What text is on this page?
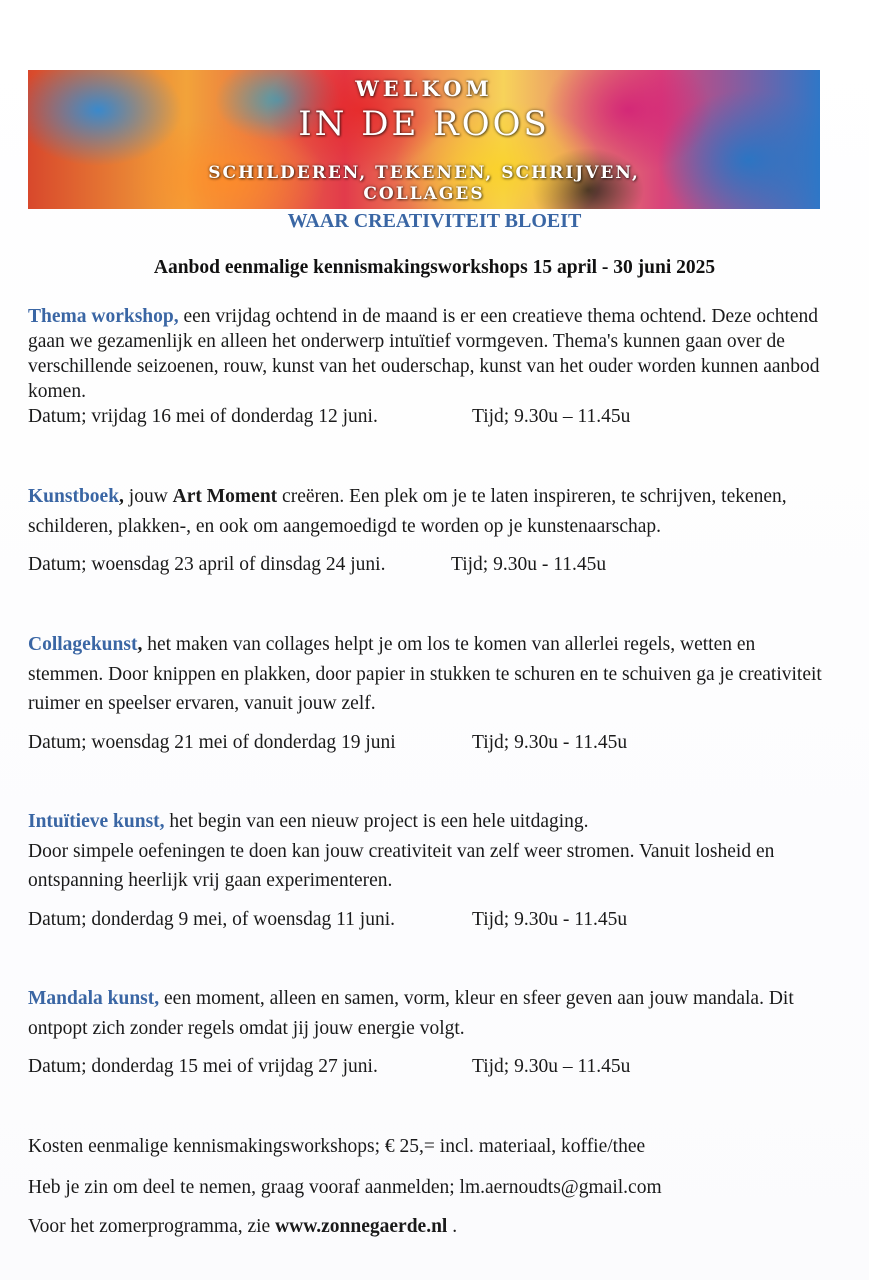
WELKOM
IN DE ROOS
SCHILDEREN, TEKENEN, SCHRIJVEN,
COLLAGES
WAAR CREATIVITEIT BLOEIT
Aanbod eenmalige kennismakingsworkshops 15 april - 30 juni 2025
Thema workshop, een vrijdag ochtend in de maand is er een creatieve thema ochtend. Deze ochtend gaan we gezamenlijk en alleen het onderwerp intuïtief vormgeven. Thema's kunnen gaan over de verschillende seizoenen, rouw, kunst van het ouderschap, kunst van het ouder worden kunnen aanbod komen.
Datum; vrijdag 16 mei of donderdag 12 juni.	Tijd; 9.30u – 11.45u
Kunstboek, jouw Art Moment creëren. Een plek om je te laten inspireren, te schrijven, tekenen, schilderen, plakken-, en ook om aangemoedigd te worden op je kunstenaarschap.
Datum; woensdag 23 april of dinsdag 24 juni.	Tijd; 9.30u - 11.45u
Collagekunst, het maken van collages helpt je om los te komen van allerlei regels, wetten en stemmen. Door knippen en plakken, door papier in stukken te schuren en te schuiven ga je creativiteit ruimer en speelser ervaren, vanuit jouw zelf.
Datum; woensdag 21 mei of donderdag 19 juni	Tijd; 9.30u - 11.45u
Intuïtieve kunst, het begin van een nieuw project is een hele uitdaging.
Door simpele oefeningen te doen kan jouw creativiteit van zelf weer stromen. Vanuit losheid en ontspanning heerlijk vrij gaan experimenteren.
Datum; donderdag 9 mei, of woensdag 11 juni.	Tijd; 9.30u - 11.45u
Mandala kunst, een moment, alleen en samen, vorm, kleur en sfeer geven aan jouw mandala. Dit ontpopt zich zonder regels omdat jij jouw energie volgt.
Datum; donderdag 15 mei of vrijdag 27 juni.	Tijd; 9.30u – 11.45u
Kosten eenmalige kennismakingsworkshops; € 25,= incl. materiaal, koffie/thee
Heb je zin om deel te nemen, graag vooraf aanmelden; lm.aernoudts@gmail.com
Voor het zomerprogramma, zie www.zonnegaerde.nl .
